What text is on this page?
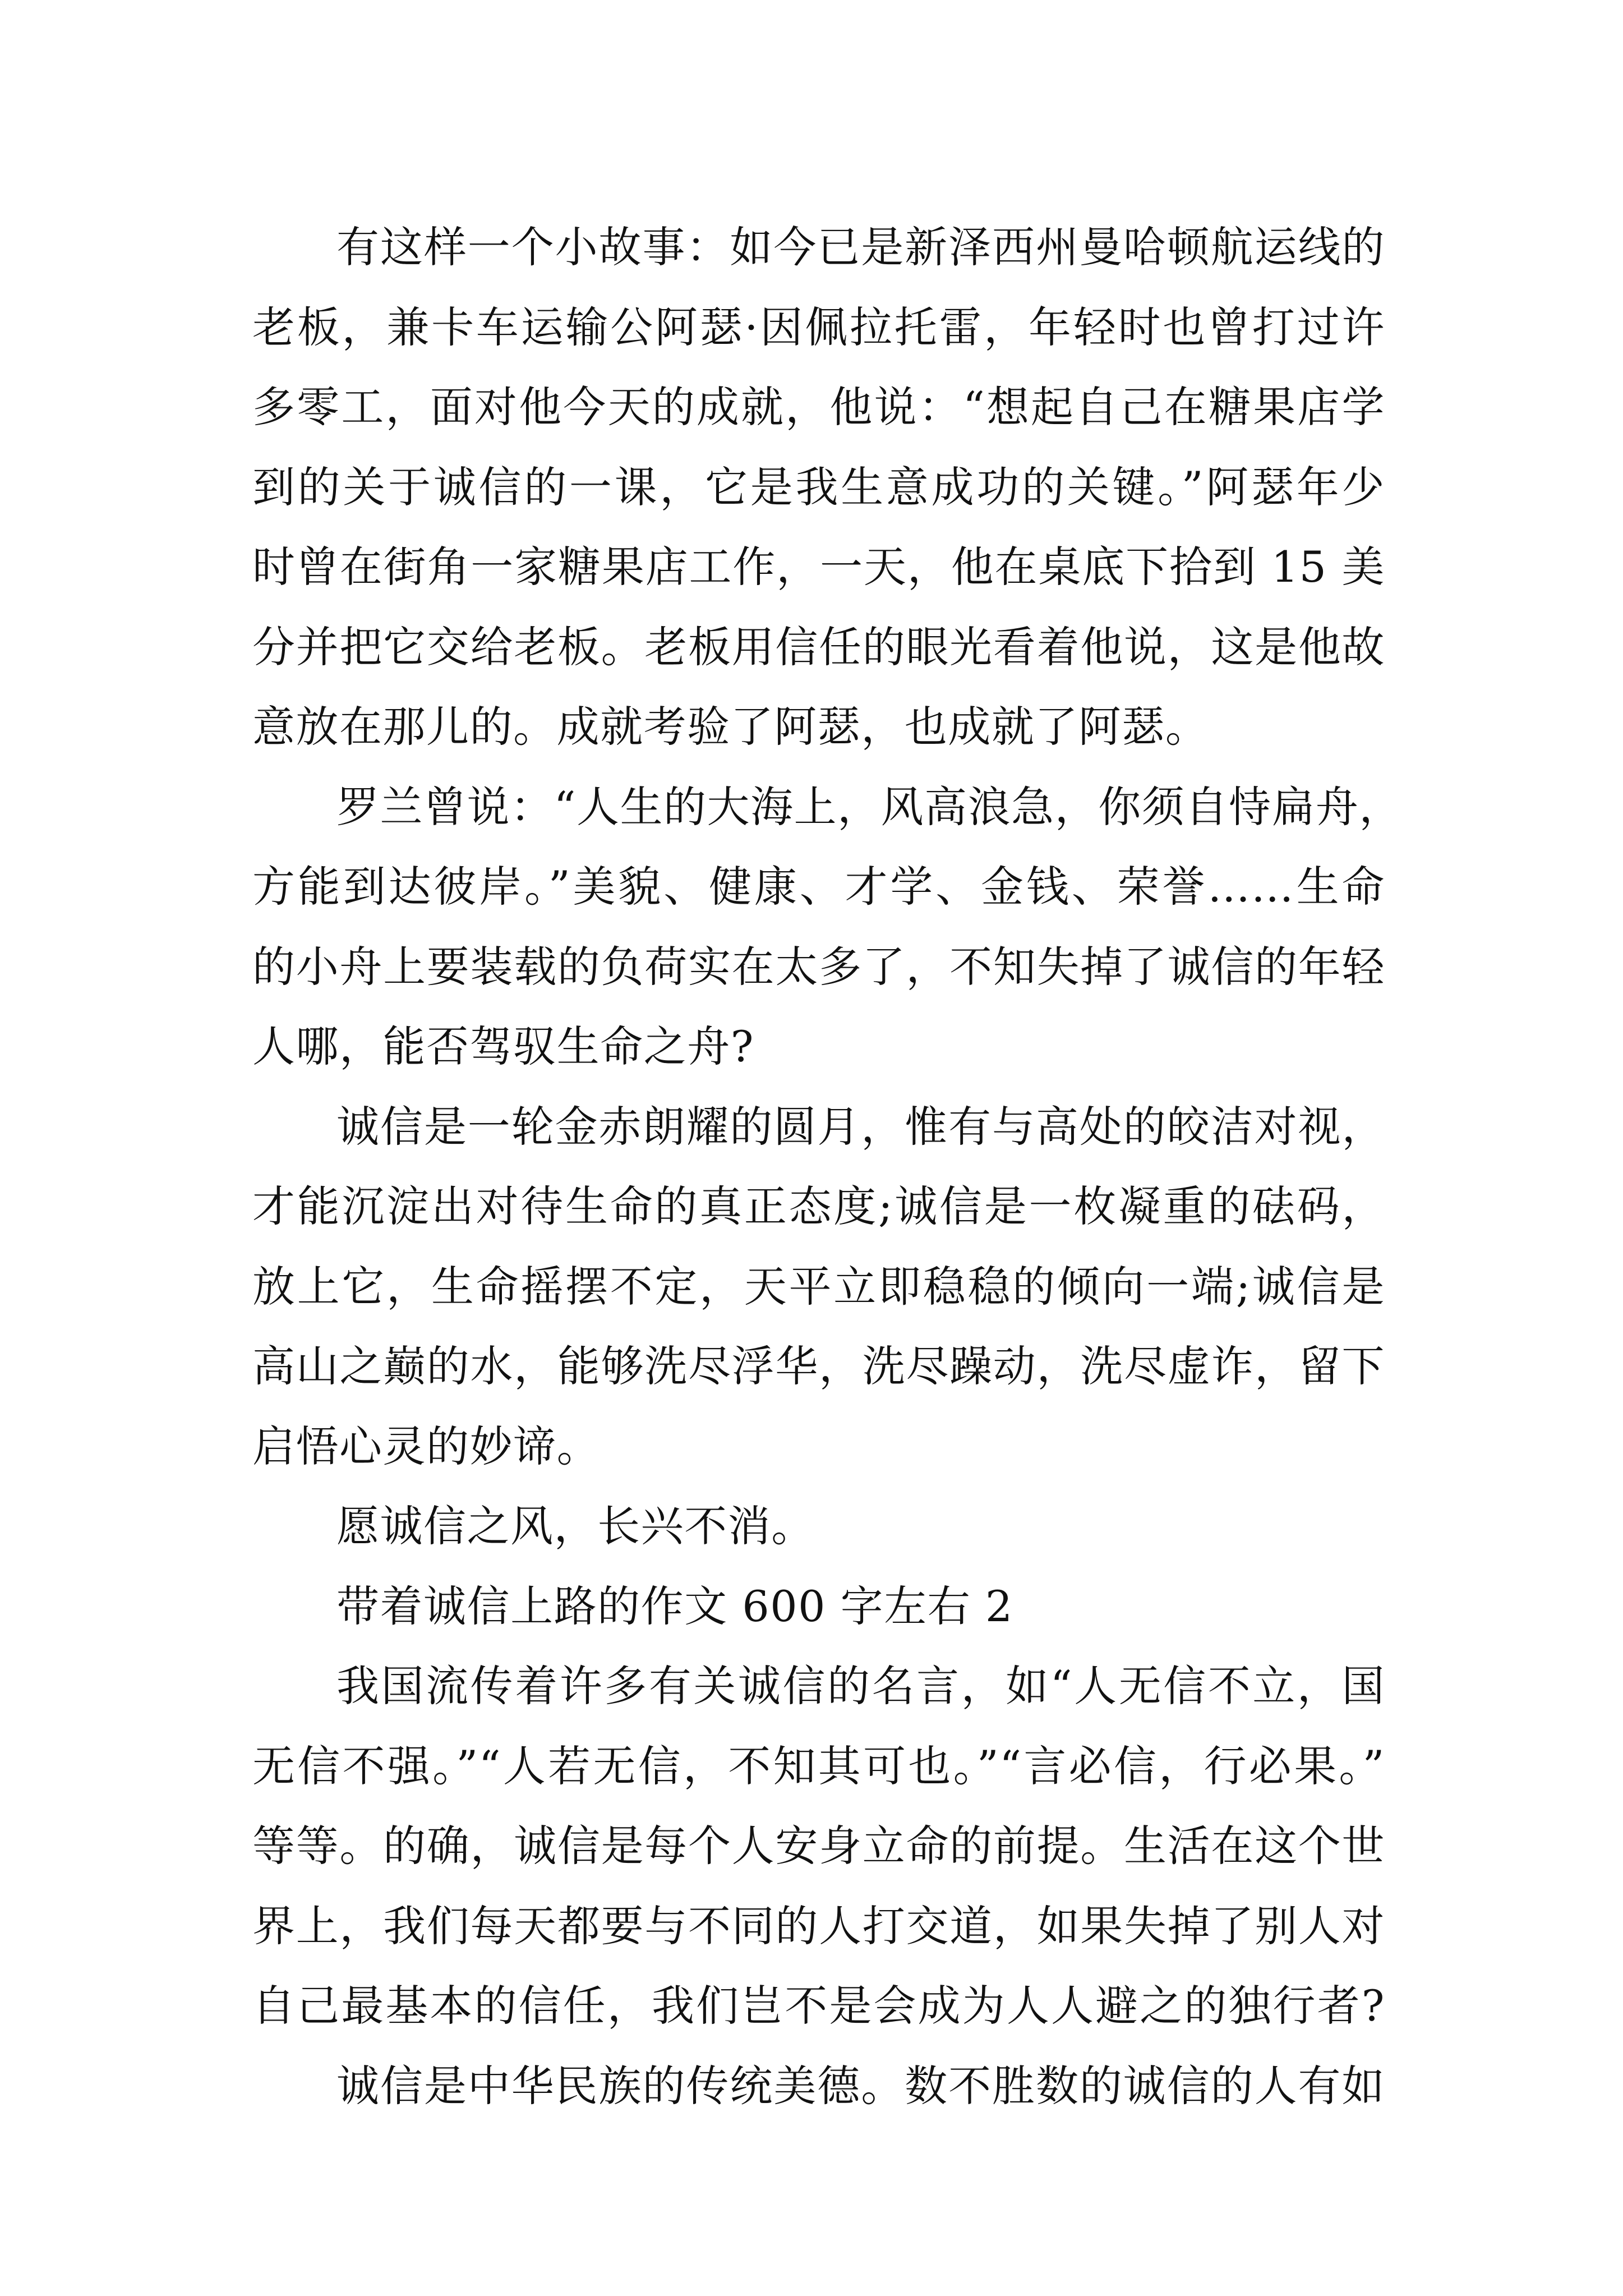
有这样一个小故事：如今已是新泽西州曼哈顿航运线的
老板，兼卡车运输公阿瑟·因佩拉托雷，年轻时也曾打过许
多零工，面对他今天的成就，他说：“想起自己在糖果店学
到的关于诚信的一课，它是我生意成功的关键。”阿瑟年少
时曾在街角一家糖果店工作，一天，他在桌底下拾到 15 美
分并把它交给老板。老板用信任的眼光看着他说，这是他故
意放在那儿的。成就考验了阿瑟，也成就了阿瑟。
罗兰曾说：“人生的大海上，风高浪急，你须自恃扁舟，
方能到达彼岸。”美貌、健康、才学、金钱、荣誉……生命
的小舟上要装载的负荷实在太多了，不知失掉了诚信的年轻
人哪，能否驾驭生命之舟?
诚信是一轮金赤朗耀的圆月，惟有与高处的皎洁对视，
才能沉淀出对待生命的真正态度;诚信是一枚凝重的砝码，
放上它，生命摇摆不定，天平立即稳稳的倾向一端;诚信是
高山之巅的水，能够洗尽浮华，洗尽躁动，洗尽虚诈，留下
启悟心灵的妙谛。
愿诚信之风，长兴不消。
带着诚信上路的作文 600 字左右 2
我国流传着许多有关诚信的名言，如“人无信不立，国
无信不强。”“人若无信，不知其可也。”“言必信，行必果。”
等等。的确，诚信是每个人安身立命的前提。生活在这个世
界上，我们每天都要与不同的人打交道，如果失掉了别人对
自己最基本的信任，我们岂不是会成为人人避之的独行者?
诚信是中华民族的传统美德。数不胜数的诚信的人有如
